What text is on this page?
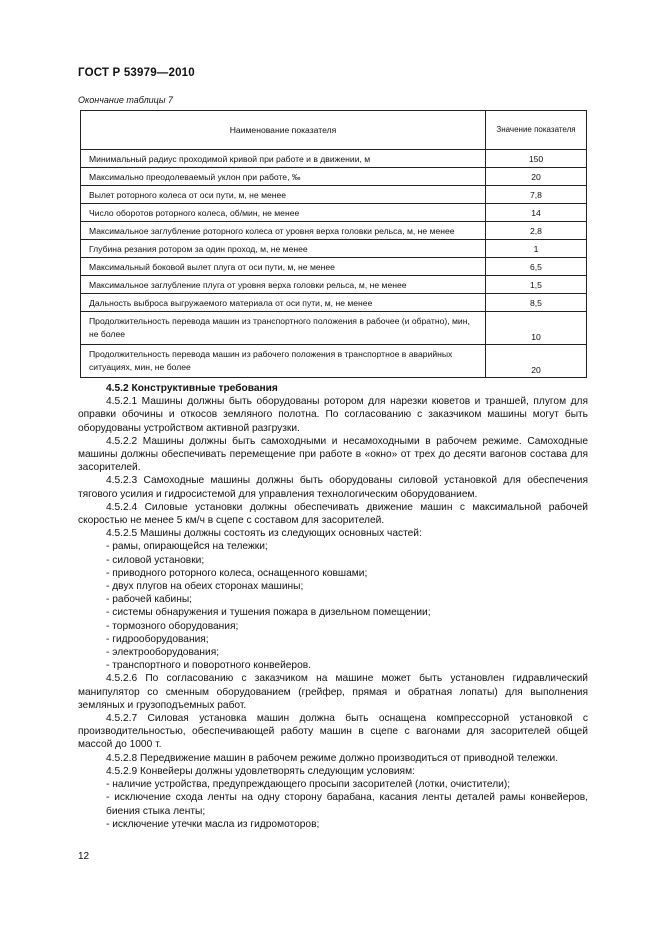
ГОСТ Р 53979—2010
Окончание таблицы 7
Наименование показателя	Значение показателя
Минимальный радиус проходимой кривой при работе и в движении, м	150
Максимально преодолеваемый уклон при работе, ‰	20
Вылет роторного колеса от оси пути, м, не менее	7,8
Число оборотов роторного колеса, об/мин, не менее	14
Максимальное заглубление роторного колеса от уровня верха головки рельса, м, не менее	2,8
Глубина резания ротором за один проход, м, не менее	1
Максимальный боковой вылет плуга от оси пути, м, не менее	6,5
Максимальное заглубление плуга от уровня верха головки рельса, м, не менее	1,5
Дальность выброса выгружаемого материала от оси пути, м, не менее	8,5
Продолжительность перевода машин из транспортного положения в рабочее (и обратно), мин, не более	10
Продолжительность перевода машин из рабочего положения в транспортное в аварийных ситуациях, мин, не более	20

4.5.2 Конструктивные требования

4.5.2.1 Машины должны быть оборудованы ротором для нарезки кюветов и траншей, плугом для оправки обочины и откосов земляного полотна. По согласованию с заказчиком машины могут быть оборудованы устройством активной разгрузки.

4.5.2.2 Машины должны быть самоходными и несамоходными в рабочем режиме. Самоходные машины должны обеспечивать перемещение при работе в «окно» от трех до десяти вагонов состава для засорителей.

4.5.2.3 Самоходные машины должны быть оборудованы силовой установкой для обеспечения тягового усилия и гидросистемой для управления технологическим оборудованием.

4.5.2.4 Силовые установки должны обеспечивать движение машин с максимальной рабочей скоростью не менее 5 км/ч в сцепе с составом для засорителей.

4.5.2.5 Машины должны состоять из следующих основных частей:

- рамы, опирающейся на тележки;
- силовой установки;
- приводного роторного колеса, оснащенного ковшами;
- двух плугов на обеих сторонах машины;
- рабочей кабины;
- системы обнаружения и тушения пожара в дизельном помещении;
- тормозного оборудования;
- гидрооборудования;
- электрооборудования;
- транспортного и поворотного конвейеров.

4.5.2.6 По согласованию с заказчиком на машине может быть установлен гидравлический манипулятор со сменным оборудованием (грейфер, прямая и обратная лопаты) для выполнения земляных и грузоподъемных работ.

4.5.2.7 Силовая установка машин должна быть оснащена компрессорной установкой с производительностью, обеспечивающей работу машин в сцепе с вагонами для засорителей общей массой до 1000 т.

4.5.2.8 Передвижение машин в рабочем режиме должно производиться от приводной тележки.

4.5.2.9 Конвейеры должны удовлетворять следующим условиям:

- наличие устройства, предупреждающего просыпи засорителей (лотки, очистители);
- исключение схода ленты на одну сторону барабана, касания ленты деталей рамы конвейеров, биения стыка ленты;
- исключение утечки масла из гидромоторов;
12
